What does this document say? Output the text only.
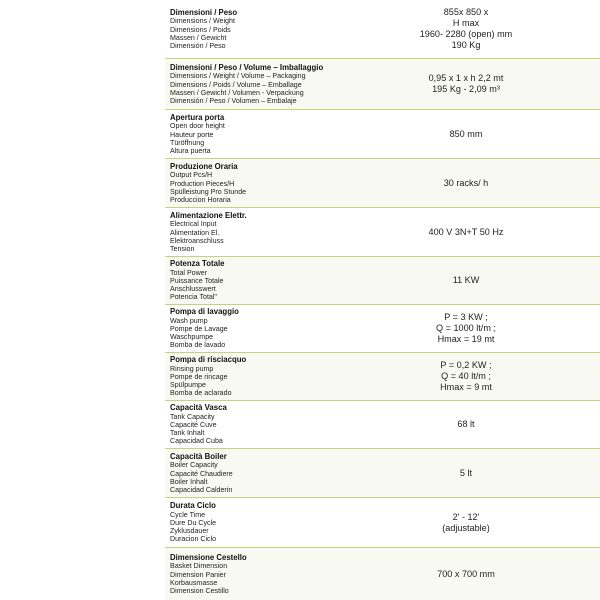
Dimensioni / Peso
Dimensions / Weight
Dimensions / Poids
Massen / Gewicht
Dimensión / Peso
855x 850 x
H max
1960- 2280 (open) mm
190 Kg
Dimensioni / Peso / Volume – Imballaggio
Dimensions / Weight / Volume – Packaging
Dimensions / Poids / Volume – Emballage
Massen / Gewicht / Volumen - Verpackung
Dimensión / Peso / Volumen – Embalaje
0,95 x 1 x h 2,2 mt
195 Kg - 2,09 m³
Apertura porta
Open door height
Hauteur porte
Türöffnung
Altura puerta
850 mm
Produzione Oraria
Output Pcs/H
Production Pieces/H
Spülleistung Pro Stunde
Produccion Horaria
30 racks/ h
Alimentazione Elettr.
Electrical Input
Alimentation El.
Elektroanschluss
Tension
400 V 3N+T 50 Hz
Potenza Totale
Total Power
Puissance Totale
Anschlusswert
Potencia Total"
11 KW
Pompa di lavaggio
Wash pump
Pompe de Lavage
Waschpumpe
Bomba de lavado
P = 3 KW ;
Q = 1000 lt/m ;
Hmax = 19 mt
Pompa di risciacquo
Rinsing pump
Pompe de rincage
Spülpumpe
Bomba de aclarado
P = 0,2 KW ;
Q = 40 lt/m ;
Hmax = 9 mt
Capacità Vasca
Tank Capacity
Capacité Cuve
Tank Inhalt
Capacidad Cuba
68 lt
Capacità Boiler
Boiler Capacity
Capacité Chaudiere
Boiler Inhalt
Capacidad Calderin
5 lt
Durata Ciclo
Cycle Time
Dure Du Cycle
Zyklusdauer
Duracion Ciclo
2' - 12'
(adjustable)
Dimensione Cestello
Basket Dimension
Dimension Panier
Korbausmasse
Dimension Cestillo
700 x 700 mm
